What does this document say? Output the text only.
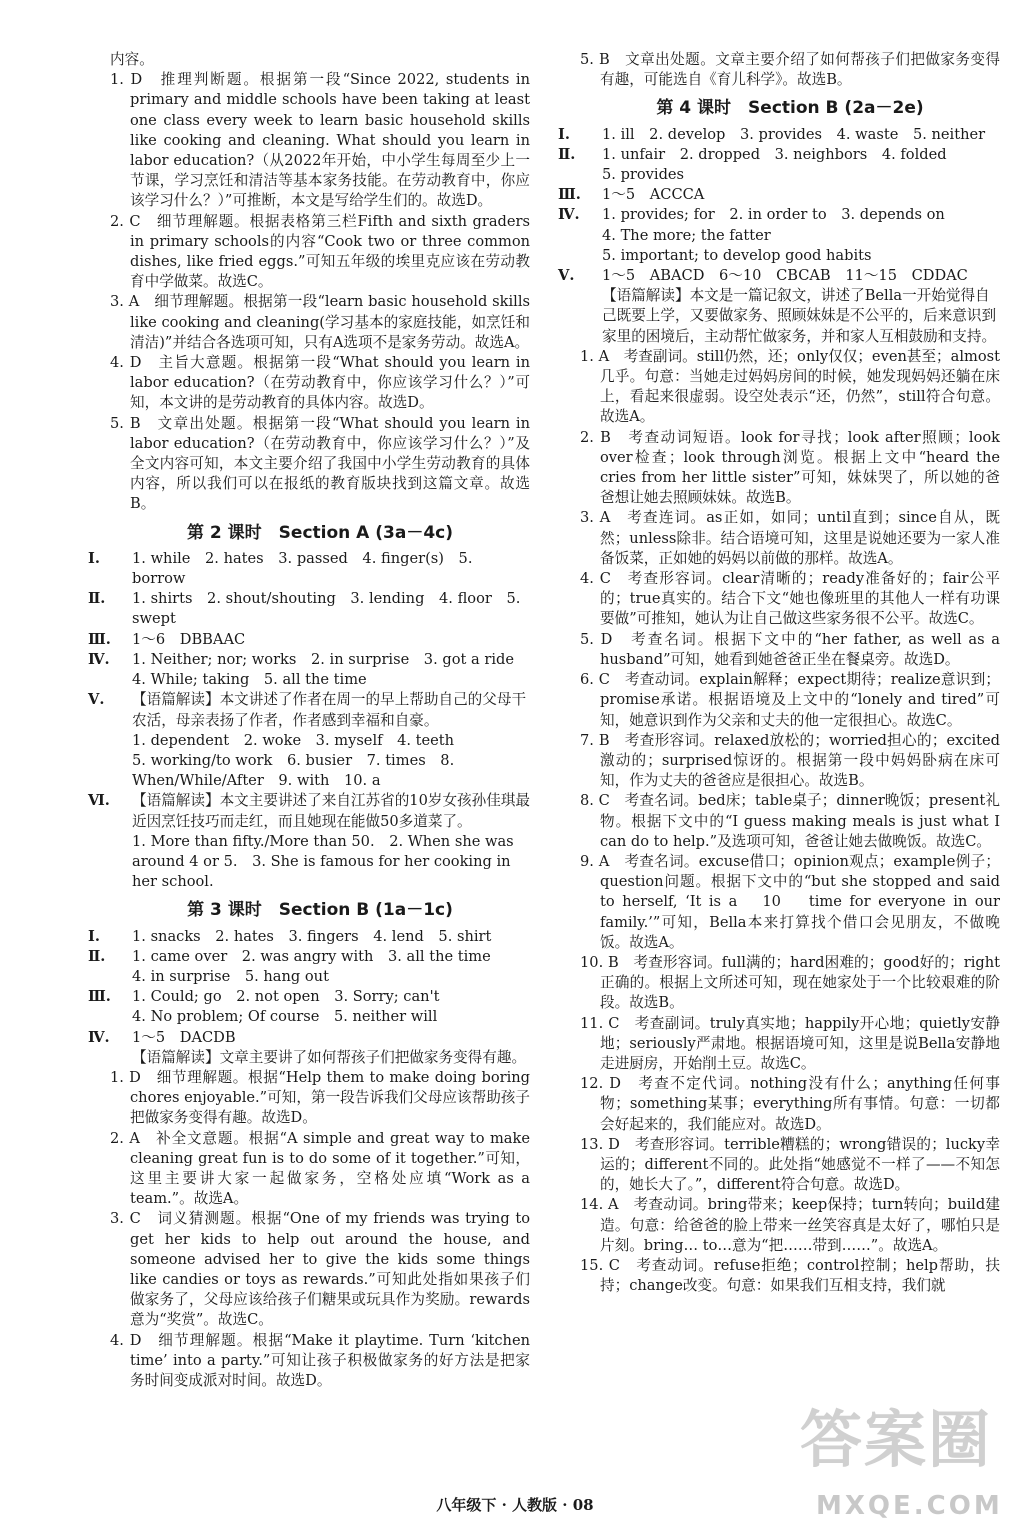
内容。

1. D　推理判断题。根据第一段“Since 2022, students in primary and middle schools have been taking at least one class every week to learn basic household skills like cooking and cleaning. What should you learn in labor education?（从2022年开始，中小学生每周至少上一节课，学习烹饪和清洁等基本家务技能。在劳动教育中，你应该学习什么？）”可推断，本文是写给学生们的。故选D。

2. C　细节理解题。根据表格第三栏Fifth and sixth graders in primary schools的内容“Cook two or three common dishes, like fried eggs.”可知五年级的埃里克应该在劳动教育中学做菜。故选C。

3. A　细节理解题。根据第一段“learn basic household skills like cooking and cleaning(学习基本的家庭技能，如烹饪和清洁)”并结合各选项可知，只有A选项不是家务劳动。故选A。

4. D　主旨大意题。根据第一段“What should you learn in labor education?（在劳动教育中，你应该学习什么？）”可知，本文讲的是劳动教育的具体内容。故选D。

5. B　文章出处题。根据第一段“What should you learn in labor education?（在劳动教育中，你应该学习什么？）”及全文内容可知，本文主要介绍了我国中小学生劳动教育的具体内容，所以我们可以在报纸的教育版块找到这篇文章。故选B。

第 2 课时　Section A (3a－4c)

Ⅰ. 1. while　2. hates　3. passed　4. finger(s)　5. borrow

Ⅱ. 1. shirts　2. shout/shouting　3. lending　4. floor　5. swept

Ⅲ. 1～6　DBBAAC

Ⅳ. 1. Neither; nor; works　2. in surprise　3. got a ride

4. While; taking　5. all the time

Ⅴ. 【语篇解读】本文讲述了作者在周一的早上帮助自己的父母干农活，母亲表扬了作者，作者感到幸福和自豪。

1. dependent　2. woke　3. myself　4. teeth

5. working/to work　6. busier　7. times　8. When/While/After　9. with　10. a

Ⅵ. 【语篇解读】本文主要讲述了来自江苏省的10岁女孩孙佳琪最近因烹饪技巧而走红，而且她现在能做50多道菜了。

1. More than fifty./More than 50.　2. When she was around 4 or 5.　3. She is famous for her cooking in her school.

第 3 课时　Section B (1a－1c)

Ⅰ. 1. snacks　2. hates　3. fingers　4. lend　5. shirt

Ⅱ. 1. came over　2. was angry with　3. all the time

4. in surprise　5. hang out

Ⅲ. 1. Could; go　2. not open　3. Sorry; can't

4. No problem; Of course　5. neither will

Ⅳ. 1～5　DACDB

【语篇解读】文章主要讲了如何帮孩子们把做家务变得有趣。

1. D　细节理解题。根据“Help them to make doing boring chores enjoyable.”可知，第一段告诉我们父母应该帮助孩子把做家务变得有趣。故选D。

2. A　补全文意题。根据“A simple and great way to make cleaning great fun is to do some of it together.”可知，这里主要讲大家一起做家务，空格处应填“Work as a team.”。故选A。

3. C　词义猜测题。根据“One of my friends was trying to get her kids to help out around the house, and someone advised her to give the kids some things like candies or toys as rewards.”可知此处指如果孩子们做家务了，父母应该给孩子们糖果或玩具作为奖励。rewards意为“奖赏”。故选C。

4. D　细节理解题。根据“Make it playtime. Turn ‘kitchen time’ into a party.”可知让孩子积极做家务的好方法是把家务时间变成派对时间。故选D。

5. B　文章出处题。文章主要介绍了如何帮孩子们把做家务变得有趣，可能选自《育儿科学》。故选B。

第 4 课时　Section B (2a－2e)

Ⅰ. 1. ill　2. develop　3. provides　4. waste　5. neither

Ⅱ. 1. unfair　2. dropped　3. neighbors　4. folded

5. provides

Ⅲ. 1～5　ACCCA

Ⅳ. 1. provides; for　2. in order to　3. depends on

4. The more; the fatter

5. important; to develop good habits

Ⅴ. 1～5　ABACD　6～10　CBCAB　11～15　CDDAC

【语篇解读】本文是一篇记叙文，讲述了Bella一开始觉得自己既要上学，又要做家务、照顾妹妹是不公平的，后来意识到家里的困境后，主动帮忙做家务，并和家人互相鼓励和支持。

1. A　考查副词。still仍然，还；only仅仅；even甚至；almost几乎。句意：当她走过妈妈房间的时候，她发现妈妈还躺在床上，看起来很虚弱。设空处表示“还，仍然”，still符合句意。故选A。

2. B　考查动词短语。look for寻找；look after照顾；look over检查；look through浏览。根据上文中“heard the cries from her little sister”可知，妹妹哭了，所以她的爸爸想让她去照顾妹妹。故选B。

3. A　考查连词。as正如，如同；until直到；since自从，既然；unless除非。结合语境可知，这里是说她还要为一家人准备饭菜，正如她的妈妈以前做的那样。故选A。

4. C　考查形容词。clear清晰的；ready准备好的；fair公平的；true真实的。结合下文“她也像班里的其他人一样有功课要做”可推知，她认为让自己做这些家务很不公平。故选C。

5. D　考查名词。根据下文中的“her father, as well as a husband”可知，她看到她爸爸正坐在餐桌旁。故选D。

6. C　考查动词。explain解释；expect期待；realize意识到；promise承诺。根据语境及上文中的“lonely and tired”可知，她意识到作为父亲和丈夫的他一定很担心。故选C。

7. B　考查形容词。relaxed放松的；worried担心的；excited激动的；surprised惊讶的。根据第一段中妈妈卧病在床可知，作为丈夫的爸爸应是很担心。故选B。

8. C　考查名词。bed床；table桌子；dinner晚饭；present礼物。根据下文中的“I guess making meals is just what I can do to help.”及选项可知，爸爸让她去做晚饭。故选C。

9. A　考查名词。excuse借口；opinion观点；example例子；question问题。根据下文中的“but she stopped and said to herself, ‘It is a 　10　 time for everyone in our family.’”可知，Bella本来打算找个借口会见朋友，不做晚饭。故选A。

10. B　考查形容词。full满的；hard困难的；good好的；right正确的。根据上文所述可知，现在她家处于一个比较艰难的阶段。故选B。

11. C　考查副词。truly真实地；happily开心地；quietly安静地；seriously严肃地。根据语境可知，这里是说Bella安静地走进厨房，开始削土豆。故选C。

12. D　考查不定代词。nothing没有什么；anything任何事物；something某事；everything所有事情。句意：一切都会好起来的，我们能应对。故选D。

13. D　考查形容词。terrible糟糕的；wrong错误的；lucky幸运的；different不同的。此处指“她感觉不一样了——不知怎的，她长大了。”，different符合句意。故选D。

14. A　考查动词。bring带来；keep保持；turn转向；build建造。句意：给爸爸的脸上带来一丝笑容真是太好了，哪怕只是片刻。bring… to…意为“把……带到……”。故选A。

15. C　考查动词。refuse拒绝；control控制；help帮助，扶持；change改变。句意：如果我们互相支持，我们就

八年级下 · 人教版 · 08
答案圈
MXQE.COM
